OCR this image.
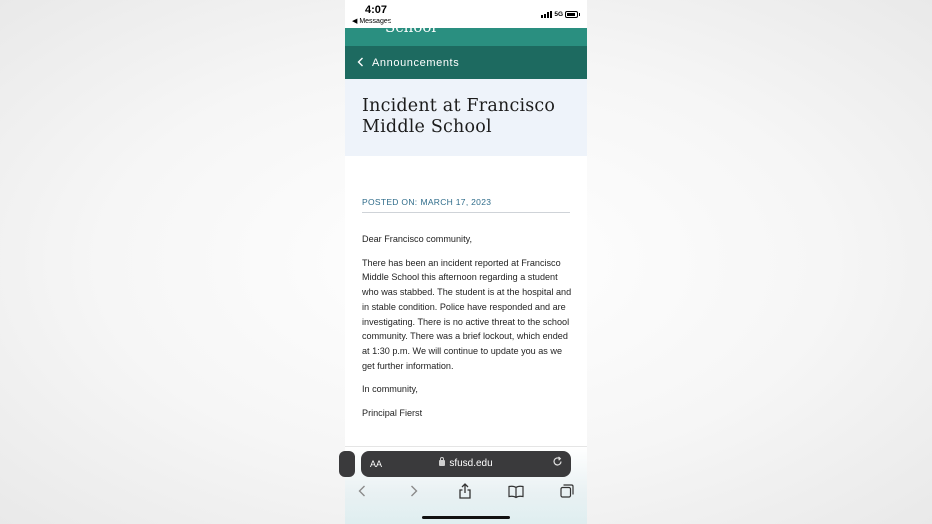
4:07
◀ Messages
5G
School
Announcements
Incident at Francisco Middle School
POSTED ON: MARCH 17, 2023

Dear Francisco community,

There has been an incident reported at Francisco Middle School this afternoon regarding a student who was stabbed. The student is at the hospital and in stable condition. Police have responded and are investigating. There is no active threat to the school community. There was a brief lockout, which ended at 1:30 p.m. We will continue to update you as we get further information.

In community,

Principal Fierst

AA	sfusd.edu
